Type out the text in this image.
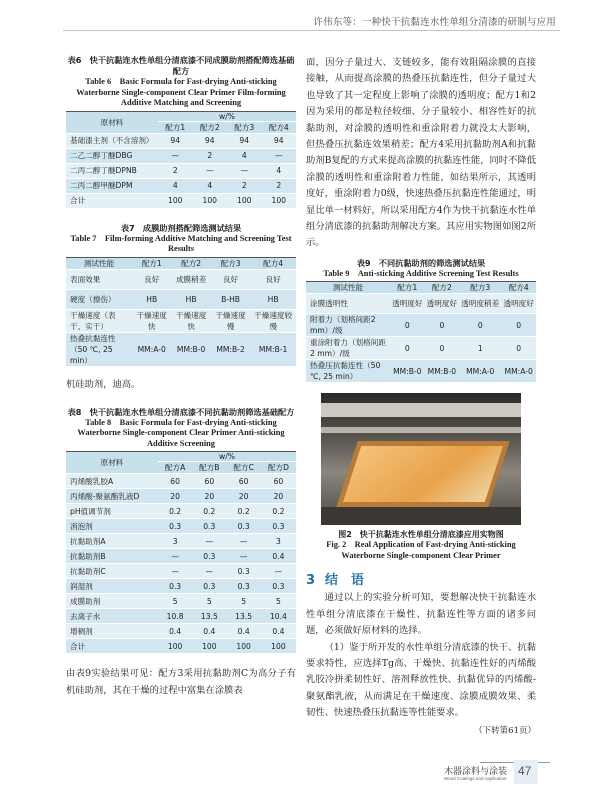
许伟东等：一种快干抗黏连水性单组分清漆的研制与应用
表6　快干抗黏连水性单组分清底漆不同成膜助剂搭配筛选基础配方
Table 6　Basic Formula for Fast-drying Anti-sticking Waterborne Single-component Clear Primer Film-forming Additive Matching and Screening
原材料	w/%			
	配方1	配方2	配方3	配方4
基础漆主剂（不含溶剂）	94	94	94	94
二乙二醇丁醚DBG	—	2	4	—
二丙二醇丁醚DPNB	2	—	—	4
二丙二醇甲醚DPM	4	4	2	2
合计	100	100	100	100
表7　成膜助剂搭配筛选测试结果
Table 7　Film-forming Additive Matching and Screening Test Results
测试性能	配方1	配方2	配方3	配方4
表面效果	良好	成膜稍差	良好	良好
硬度（擦伤）	HB	HB	B-HB	HB
干燥速度（表干、实干）	干燥速度快	干燥速度快	干燥速度慢	干燥速度较慢
热叠抗黏连性（50 ℃, 25 min）	MM:A-0	MM:B-0	MM:B-2	MM:B-1

机硅助剂，迪高。

表8　快干抗黏连水性单组分清底漆不同抗黏助剂筛选基础配方
Table 8　Basic Formula for Fast-drying Anti-sticking Waterborne Single-component Clear Primer Anti-sticking Additive Screening
原材料	w/%			
	配方A	配方B	配方C	配方D
丙烯酸乳胶A	60	60	60	60
丙烯酸-聚氨酯乳液D	20	20	20	20
pH值调节剂	0.2	0.2	0.2	0.2
消泡剂	0.3	0.3	0.3	0.3
抗黏助剂A	3	—	—	3
抗黏助剂B	—	0.3	—	0.4
抗黏助剂C	—	—	0.3	—
润湿剂	0.3	0.3	0.3	0.3
成膜助剂	5	5	5	5
去离子水	10.8	13.5	13.5	10.4
增稠剂	0.4	0.4	0.4	0.4
合计	100	100	100	100

由表9实验结果可见：配方3采用抗黏助剂C为高分子有机硅助剂，其在干燥的过程中富集在涂膜表

面，因分子量过大、支链较多，能有效阻隔涂膜的直接接触，从而提高涂膜的热叠压抗黏连性，但分子量过大也导致了其一定程度上影响了涂膜的透明度；配方1和2因为采用的都是粒径较细、分子量较小、相容性好的抗黏助剂，对涂膜的透明性和重涂附着力就没太大影响，但热叠压抗黏连效果稍差；配方4采用抗黏助剂A和抗黏助剂B复配的方式来提高涂膜的抗黏连性能，同时不降低涂膜的透明性和重涂附着力性能，如结果所示，其透明度好，重涂附着力0级，快速热叠压抗黏连性能通过，明显比单一材料好，所以采用配方4作为快干抗黏连水性单组分清底漆的抗黏助剂解决方案。其应用实物图如图2所示。

表9　不同抗黏助剂的筛选测试结果
Table 9　Anti-sticking Additive Screening Test Results
测试性能	配方1	配方2	配方3	配方4
涂膜透明性	透明度好	透明度好	透明度稍差	透明度好
附着力（划格间距2 mm）/级	0	0	0	0
重涂附着力（划格间距2 mm）/级	0	0	1	0
热叠压抗黏连性（50 ℃, 25 min）	MM:B-0	MM:B-0	MM:A-0	MM:A-0
图2　快干抗黏连水性单组分清底漆应用实物图
Fig. 2　Real Application of Fast-drying Anti-sticking Waterborne Single-component Clear Primer
3 结　语

通过以上的实验分析可知，要想解决快干抗黏连水性单组分清底漆在干燥性、抗黏连性等方面的诸多问题，必须做好原材料的选择。

（1）鉴于所开发的水性单组分清底漆的快干、抗黏要求特性，应选择Tg高、干燥快、抗黏连性好的丙烯酸乳胶冷拼柔韧性好、溶剂释放性快、抗黏优异的丙烯酸-聚氨酯乳液，从而满足在干燥速度、涂膜成膜效果、柔韧性、快速热叠压抗黏连等性能要求。

（下转第61页）
木器涂料与涂装
Wood Coatings and Application
47
